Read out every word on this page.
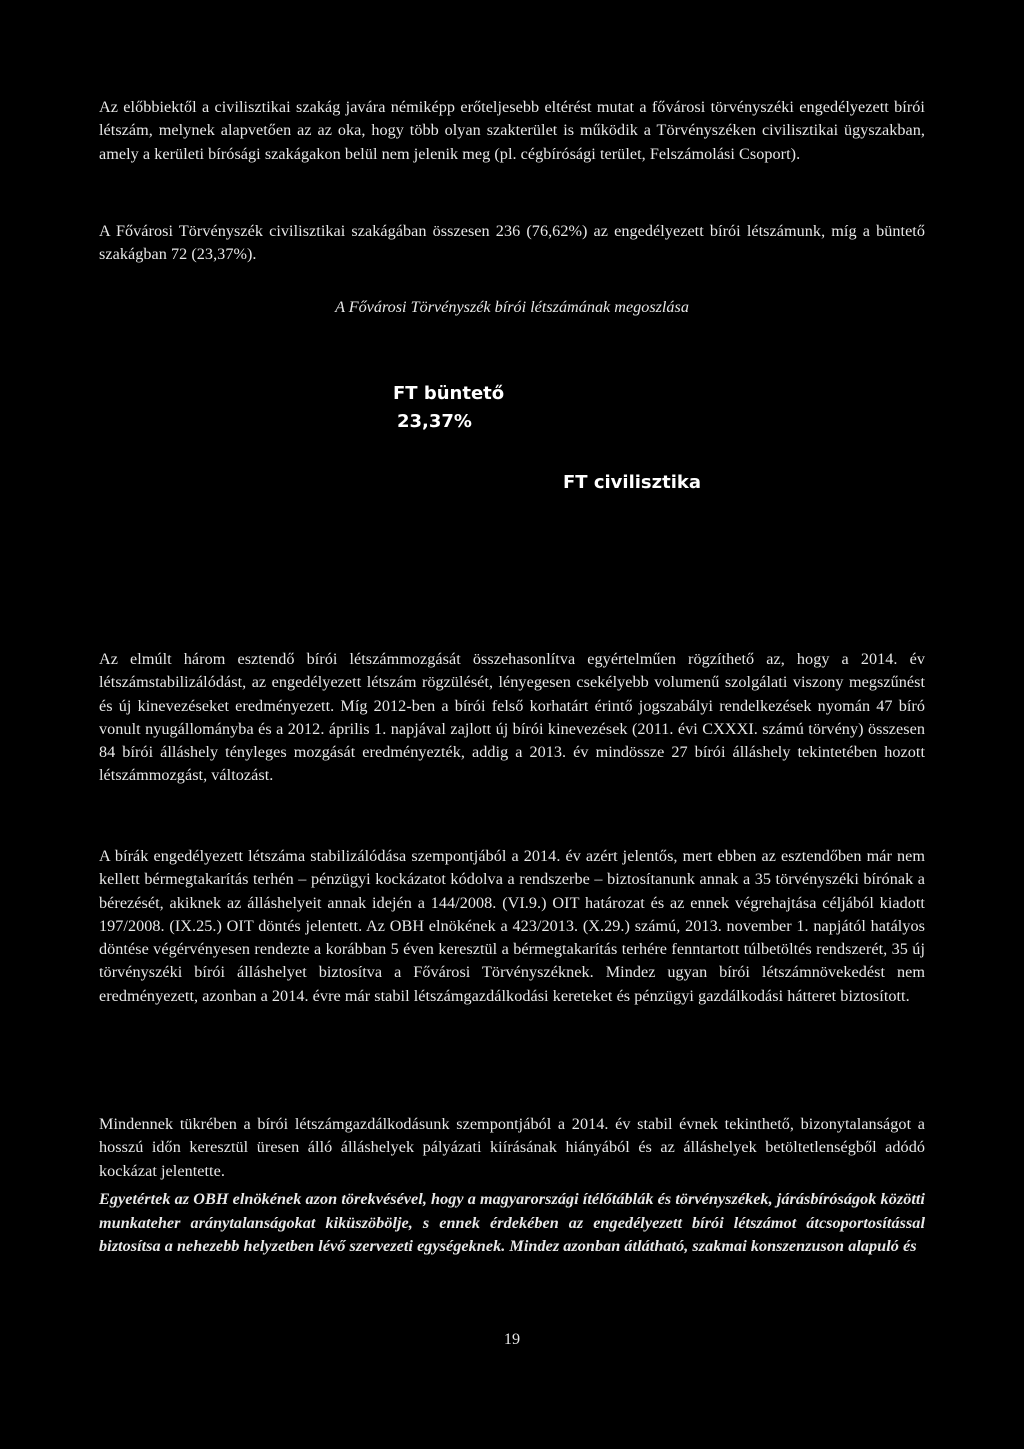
Az előbbiektől a civilisztikai szakág javára némiképp erőteljesebb eltérést mutat a fővárosi törvényszéki engedélyezett bírói létszám, melynek alapvetően az az oka, hogy több olyan szakterület is működik a Törvényszéken civilisztikai ügyszakban, amely a kerületi bírósági szakágakon belül nem jelenik meg (pl. cégbírósági terület, Felszámolási Csoport).

A Fővárosi Törvényszék civilisztikai szakágában összesen 236 (76,62%) az engedélyezett bírói létszámunk, míg a büntető szakágban 72 (23,37%).

A Fővárosi Törvényszék bírói létszámának megoszlása

FT büntető
23,37%
FT civilisztika

Az elmúlt három esztendő bírói létszámmozgását összehasonlítva egyértelműen rögzíthető az, hogy a 2014. év létszámstabilizálódást, az engedélyezett létszám rögzülését, lényegesen csekélyebb volumenű szolgálati viszony megszűnést és új kinevezéseket eredményezett. Míg 2012-ben a bírói felső korhatárt érintő jogszabályi rendelkezések nyomán 47 bíró vonult nyugállományba és a 2012. április 1. napjával zajlott új bírói kinevezések (2011. évi CXXXI. számú törvény) összesen 84 bírói álláshely tényleges mozgását eredményezték, addig a 2013. év mindössze 27 bírói álláshely tekintetében hozott létszámmozgást, változást.

A bírák engedélyezett létszáma stabilizálódása szempontjából a 2014. év azért jelentős, mert ebben az esztendőben már nem kellett bérmegtakarítás terhén – pénzügyi kockázatot kódolva a rendszerbe – biztosítanunk annak a 35 törvényszéki bírónak a bérezését, akiknek az álláshelyeit annak idején a 144/2008. (VI.9.) OIT határozat és az ennek végrehajtása céljából kiadott 197/2008. (IX.25.) OIT döntés jelentett. Az OBH elnökének a 423/2013. (X.29.) számú, 2013. november 1. napjától hatályos döntése végérvényesen rendezte a korábban 5 éven keresztül a bérmegtakarítás terhére fenntartott túlbetöltés rendszerét, 35 új törvényszéki bírói álláshelyet biztosítva a Fővárosi Törvényszéknek. Mindez ugyan bírói létszámnövekedést nem eredményezett, azonban a 2014. évre már stabil létszámgazdálkodási kereteket és pénzügyi gazdálkodási hátteret biztosított.

Mindennek tükrében a bírói létszámgazdálkodásunk szempontjából a 2014. év stabil évnek tekinthető, bizonytalanságot a hosszú időn keresztül üresen álló álláshelyek pályázati kiírásának hiányából és az álláshelyek betöltetlenségből adódó kockázat jelentette.

Egyetértek az OBH elnökének azon törekvésével, hogy a magyarországi ítélőtáblák és törvényszékek, járásbíróságok közötti munkateher aránytalanságokat kiküszöbölje, s ennek érdekében az engedélyezett bírói létszámot átcsoportosítással biztosítsa a nehezebb helyzetben lévő szervezeti egységeknek. Mindez azonban átlátható, szakmai konszenzuson alapuló és

19
